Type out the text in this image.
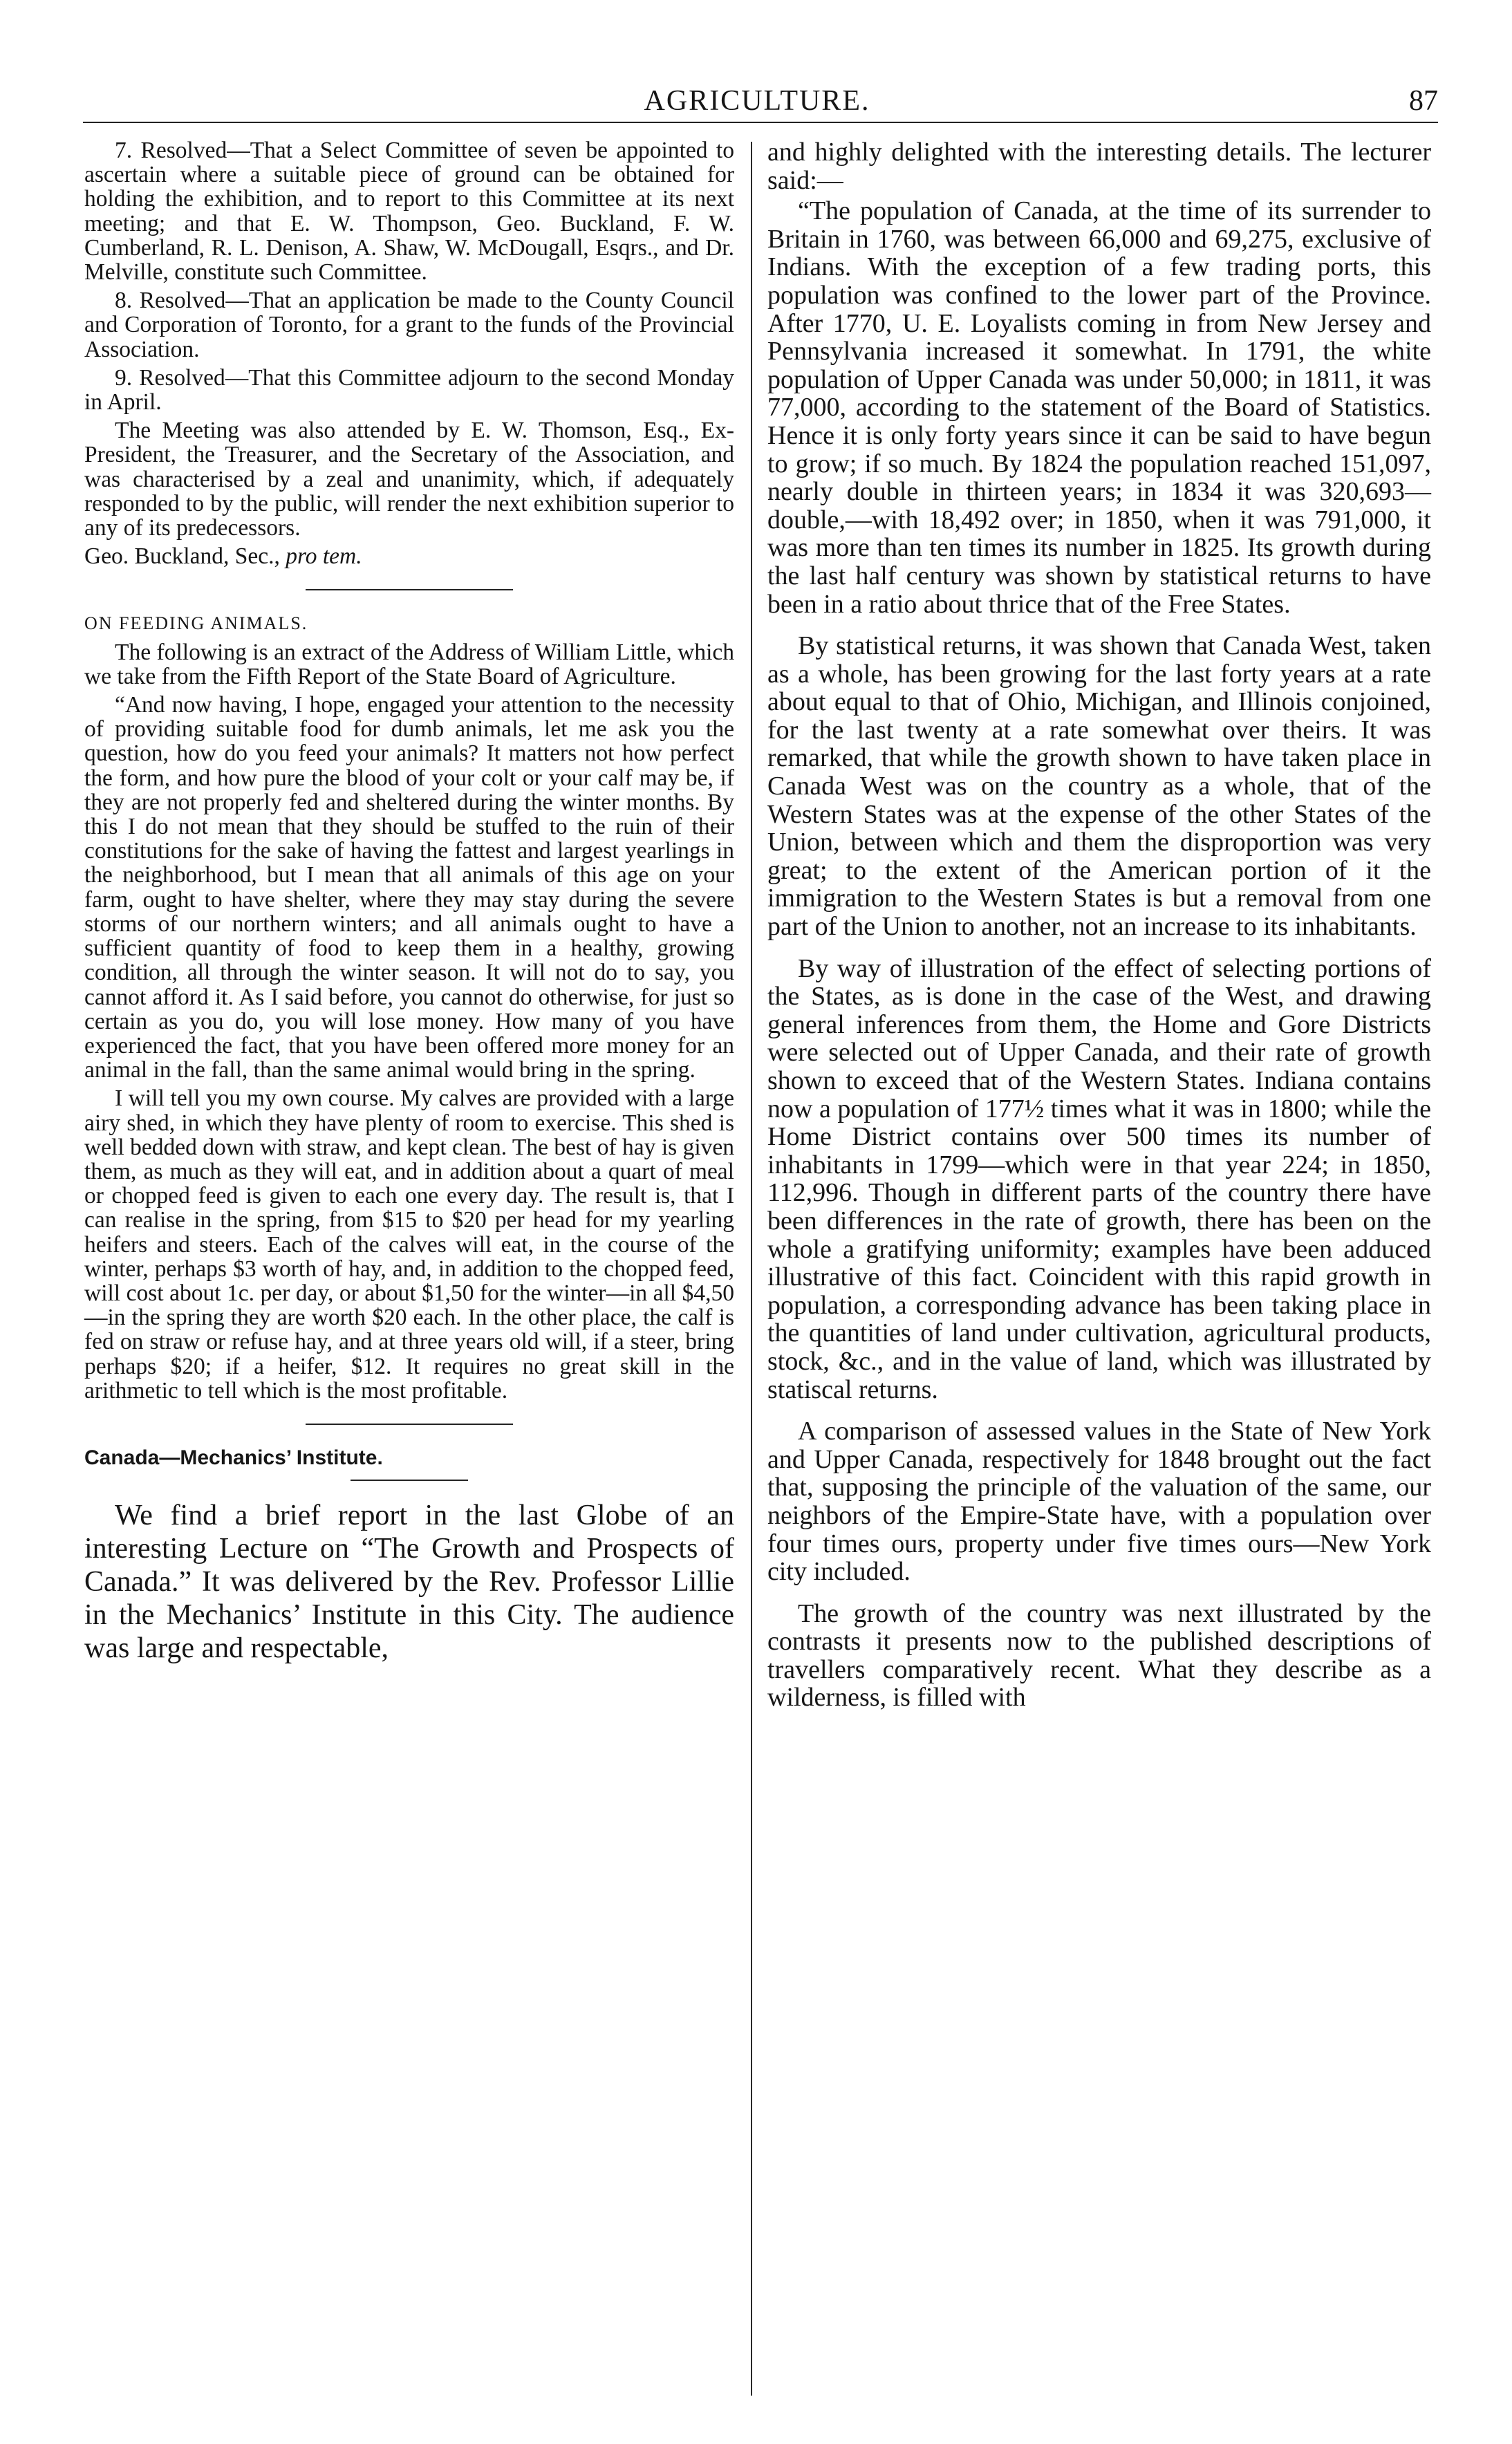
AGRICULTURE.	87

7. Resolved—That a Select Committee of seven be appointed to ascertain where a suitable piece of ground can be obtained for holding the exhibition, and to report to this Committee at its next meeting; and that E. W. Thompson, Geo. Buckland, F. W. Cumberland, R. L. Denison, A. Shaw, W. McDougall, Esqrs., and Dr. Melville, constitute such Committee.

8. Resolved—That an application be made to the County Council and Corporation of Toronto, for a grant to the funds of the Provincial Association.

9. Resolved—That this Committee adjourn to the second Monday in April.

The Meeting was also attended by E. W. Thomson, Esq., Ex-President, the Treasurer, and the Secretary of the Association, and was characterised by a zeal and unanimity, which, if adequately responded to by the public, will render the next exhibition superior to any of its predecessors.

Geo. Buckland, Sec., pro tem.

ON FEEDING ANIMALS.

The following is an extract of the Address of William Little, which we take from the Fifth Report of the State Board of Agriculture.

“And now having, I hope, engaged your attention to the necessity of providing suitable food for dumb animals, let me ask you the question, how do you feed your animals? It matters not how perfect the form, and how pure the blood of your colt or your calf may be, if they are not properly fed and sheltered during the winter months. By this I do not mean that they should be stuffed to the ruin of their constitutions for the sake of having the fattest and largest yearlings in the neighborhood, but I mean that all animals of this age on your farm, ought to have shelter, where they may stay during the severe storms of our northern winters; and all animals ought to have a sufficient quantity of food to keep them in a healthy, growing condition, all through the winter season. It will not do to say, you cannot afford it. As I said before, you cannot do otherwise, for just so certain as you do, you will lose money. How many of you have experienced the fact, that you have been offered more money for an animal in the fall, than the same animal would bring in the spring.

I will tell you my own course. My calves are provided with a large airy shed, in which they have plenty of room to exercise. This shed is well bedded down with straw, and kept clean. The best of hay is given them, as much as they will eat, and in addition about a quart of meal or chopped feed is given to each one every day. The result is, that I can realise in the spring, from $15 to $20 per head for my yearling heifers and steers. Each of the calves will eat, in the course of the winter, perhaps $3 worth of hay, and, in addition to the chopped feed, will cost about 1c. per day, or about $1,50 for the winter—in all $4,50—in the spring they are worth $20 each. In the other place, the calf is fed on straw or refuse hay, and at three years old will, if a steer, bring perhaps $20; if a heifer, $12. It requires no great skill in the arithmetic to tell which is the most profitable.

Canada—Mechanics’ Institute.

We find a brief report in the last Globe of an interesting Lecture on “The Growth and Prospects of Canada.” It was delivered by the Rev. Professor Lillie in the Mechanics’ Institute in this City. The audience was large and respectable,

and highly delighted with the interesting details. The lecturer said:—

“The population of Canada, at the time of its surrender to Britain in 1760, was between 66,000 and 69,275, exclusive of Indians. With the exception of a few trading ports, this population was confined to the lower part of the Province. After 1770, U. E. Loyalists coming in from New Jersey and Pennsylvania increased it somewhat. In 1791, the white population of Upper Canada was under 50,000; in 1811, it was 77,000, according to the statement of the Board of Statistics. Hence it is only forty years since it can be said to have begun to grow; if so much. By 1824 the population reached 151,097, nearly double in thirteen years; in 1834 it was 320,693—double,—with 18,492 over; in 1850, when it was 791,000, it was more than ten times its number in 1825. Its growth during the last half century was shown by statistical returns to have been in a ratio about thrice that of the Free States.

By statistical returns, it was shown that Canada West, taken as a whole, has been growing for the last forty years at a rate about equal to that of Ohio, Michigan, and Illinois conjoined, for the last twenty at a rate somewhat over theirs. It was remarked, that while the growth shown to have taken place in Canada West was on the country as a whole, that of the Western States was at the expense of the other States of the Union, between which and them the disproportion was very great; to the extent of the American portion of it the immigration to the Western States is but a removal from one part of the Union to another, not an increase to its inhabitants.

By way of illustration of the effect of selecting portions of the States, as is done in the case of the West, and drawing general inferences from them, the Home and Gore Districts were selected out of Upper Canada, and their rate of growth shown to exceed that of the Western States. Indiana contains now a population of 177½ times what it was in 1800; while the Home District contains over 500 times its number of inhabitants in 1799—which were in that year 224; in 1850, 112,996. Though in different parts of the country there have been differences in the rate of growth, there has been on the whole a gratifying uniformity; examples have been adduced illustrative of this fact. Coincident with this rapid growth in population, a corresponding advance has been taking place in the quantities of land under cultivation, agricultural products, stock, &c., and in the value of land, which was illustrated by statiscal returns.

A comparison of assessed values in the State of New York and Upper Canada, respectively for 1848 brought out the fact that, supposing the principle of the valuation of the same, our neighbors of the Empire-State have, with a population over four times ours, property under five times ours—New York city included.

The growth of the country was next illustrated by the contrasts it presents now to the published descriptions of travellers comparatively recent. What they describe as a wilderness, is filled with
